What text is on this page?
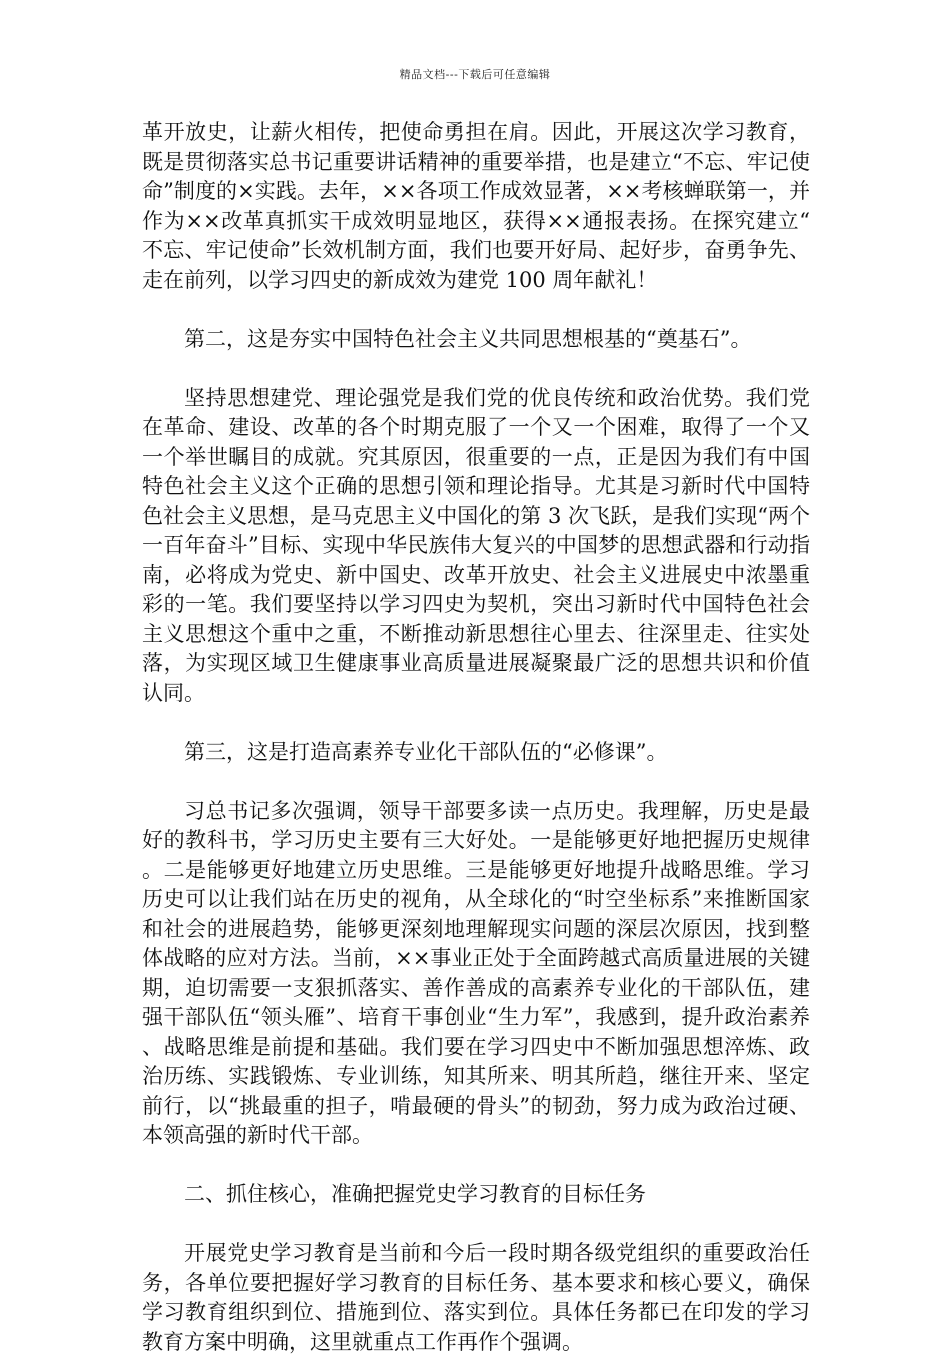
精品文档---下载后可任意编辑

革开放史，让薪火相传，把使命勇担在肩。因此，开展这次学习教育，既是贯彻落实总书记重要讲话精神的重要举措，也是建立“不忘、牢记使命”制度的×实践。去年，××各项工作成效显著，××考核蝉联第一，并作为××改革真抓实干成效明显地区，获得××通报表扬。在探究建立“不忘、牢记使命”长效机制方面，我们也要开好局、起好步，奋勇争先、走在前列，以学习四史的新成效为建党 100 周年献礼！

第二，这是夯实中国特色社会主义共同思想根基的“奠基石”。

坚持思想建党、理论强党是我们党的优良传统和政治优势。我们党在革命、建设、改革的各个时期克服了一个又一个困难，取得了一个又一个举世瞩目的成就。究其原因，很重要的一点，正是因为我们有中国特色社会主义这个正确的思想引领和理论指导。尤其是习新时代中国特色社会主义思想，是马克思主义中国化的第 3 次飞跃，是我们实现“两个一百年奋斗”目标、实现中华民族伟大复兴的中国梦的思想武器和行动指南，必将成为党史、新中国史、改革开放史、社会主义进展史中浓墨重彩的一笔。我们要坚持以学习四史为契机，突出习新时代中国特色社会主义思想这个重中之重，不断推动新思想往心里去、往深里走、往实处落，为实现区域卫生健康事业高质量进展凝聚最广泛的思想共识和价值认同。

第三，这是打造高素养专业化干部队伍的“必修课”。

习总书记多次强调，领导干部要多读一点历史。我理解，历史是最好的教科书，学习历史主要有三大好处。一是能够更好地把握历史规律。二是能够更好地建立历史思维。三是能够更好地提升战略思维。学习历史可以让我们站在历史的视角，从全球化的“时空坐标系”来推断国家和社会的进展趋势，能够更深刻地理解现实问题的深层次原因，找到整体战略的应对方法。当前，××事业正处于全面跨越式高质量进展的关键期，迫切需要一支狠抓落实、善作善成的高素养专业化的干部队伍，建强干部队伍“领头雁”、培育干事创业“生力军”，我感到，提升政治素养、战略思维是前提和基础。我们要在学习四史中不断加强思想淬炼、政治历练、实践锻炼、专业训练，知其所来、明其所趋，继往开来、坚定前行，以“挑最重的担子，啃最硬的骨头”的韧劲，努力成为政治过硬、本领高强的新时代干部。

二、抓住核心，准确把握党史学习教育的目标任务

开展党史学习教育是当前和今后一段时期各级党组织的重要政治任务，各单位要把握好学习教育的目标任务、基本要求和核心要义，确保学习教育组织到位、措施到位、落实到位。具体任务都已在印发的学习教育方案中明确，这里就重点工作再作个强调。
